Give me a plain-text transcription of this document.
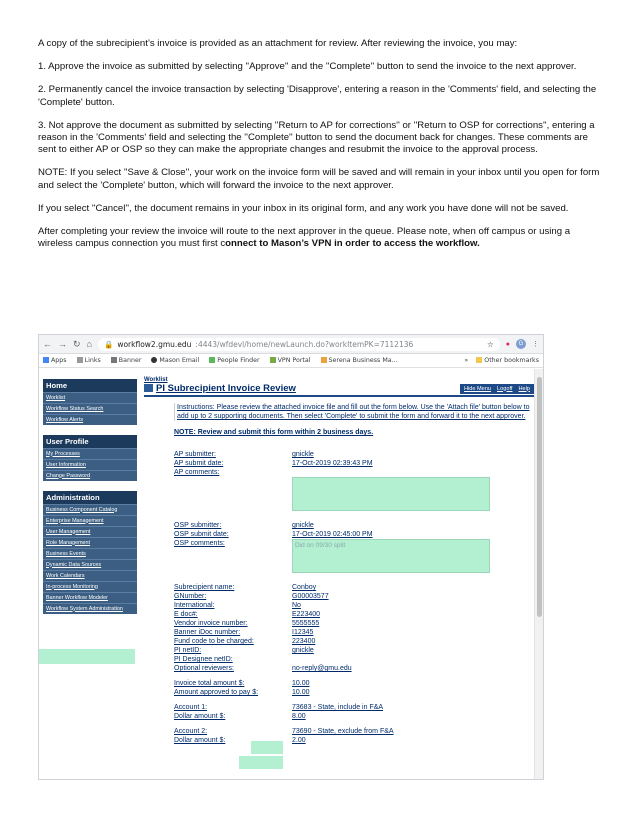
A copy of the subrecipient’s invoice is provided as an attachment for review. After reviewing the invoice, you may:

1. Approve the invoice as submitted by selecting ''Approve'' and the ''Complete'' button to send the invoice to the next approver.

2. Permanently cancel the invoice transaction by selecting 'Disapprove', entering a reason in the 'Comments' field, and selecting the 'Complete' button.

3. Not approve the document as submitted by selecting ''Return to AP for corrections'' or ''Return to OSP for corrections'', entering a reason in the 'Comments' field and selecting the ''Complete'' button to send the document back for changes. These comments are sent to either AP or OSP so they can make the appropriate changes and resubmit the invoice to the approval process.

NOTE: If you select ''Save & Close'', your work on the invoice form will be saved and will remain in your inbox until you open for form and select the 'Complete' button, which will forward the invoice to the next approver.

If you select ''Cancel'', the document remains in your inbox in its original form, and any work you have done will not be saved.

After completing your review the invoice will route to the next approver in the queue. Please note, when off campus or using a wireless campus connection you must first connect to Mason’s VPN in order to access the workflow.

← → ↻ ⌂ 🔒 workflow2.gmu.edu :4443/wfdevl/home/newLaunch.do?workItemPK=7112136	☆ ●	G	⋮
Apps	Links	Banner	Mason Email	People Finder	VPN Portal	Serena Business Ma...	»	Other bookmarks
Home
Worklist
Workflow Status Search
Workflow Alerts
User Profile
My Processes
User Information
Change Password
Administration
Business Component Catalog
Enterprise Management
User Management
Role Management
Business Events
Dynamic Data Sources
Work Calendars
In-process Monitoring
Banner Workflow Modeler
Workflow System Administration
Worklist
PI Subrecipient Invoice Review	Hide Menu Logoff Help
Instructions: Please review the attached invoice file and fill out the form below. Use the 'Attach file' button below to add up to 2 supporting documents. Then select 'Complete' to submit the form and forward it to the next approver.
NOTE: Review and submit this form within 2 business days.
AP submitter:	gnickle
AP submit date:	17-Oct-2019 02:39:43 PM
AP comments:
OSP submitter:	gnickle
OSP submit date:	17-Oct-2019 02:45:00 PM
OSP comments:	Did on 09/30 split
Subrecipient name:	Conboy
GNumber:	G00003577
International:	No
E doc#:	E223400
Vendor invoice number:	5555555
Banner iDoc number:	I12345
Fund code to be charged:	223400
PI netID:	gnickle
PI Designee netID:
Optional reviewers:	no-reply@gmu.edu
Invoice total amount $:	10.00
Amount approved to pay $:	10.00
Account 1:	73683 - State, include in F&A
Dollar amount $:	8.00
Account 2:	73690 - State, exclude from F&A
Dollar amount $:	2.00
